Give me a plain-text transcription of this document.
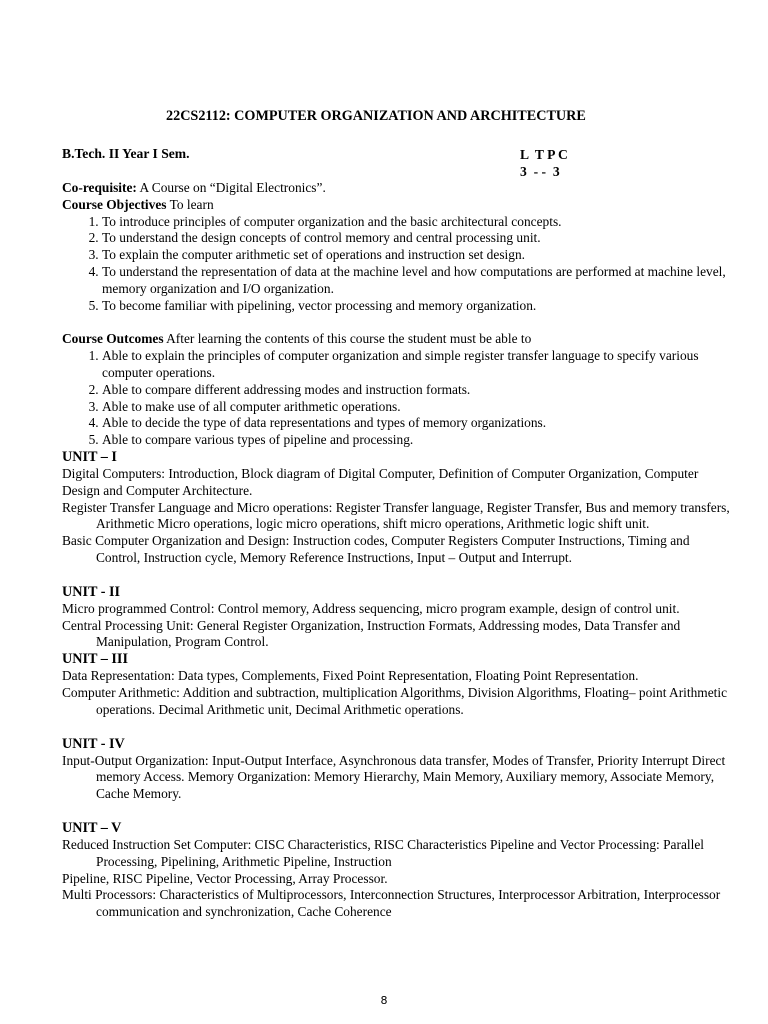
22CS2112: COMPUTER ORGANIZATION AND ARCHITECTURE
B.Tech. II Year I Sem.	L  T P C
3  - -  3
Co-requisite: A Course on “Digital Electronics”.
Course Objectives To learn
1. To introduce principles of computer organization and the basic architectural concepts.
2. To understand the design concepts of control memory and central processing unit.
3. To explain the computer arithmetic set of operations and instruction set design.
4. To understand the representation of data at the machine level and how computations are performed at machine level, memory organization and I/O organization.
5. To become familiar with pipelining, vector processing and memory organization.
Course Outcomes After learning the contents of this course the student must be able to
1. Able to explain the principles of computer organization and simple register transfer language to specify various computer operations.
2. Able to compare different addressing modes and instruction formats.
3. Able to make use of all computer arithmetic operations.
4. Able to decide the type of data representations and types of memory organizations.
5. Able to compare various types of pipeline and processing.
UNIT – I
Digital Computers: Introduction, Block diagram of Digital Computer, Definition of Computer Organization, Computer Design and Computer Architecture.
Register Transfer Language and Micro operations: Register Transfer language, Register Transfer, Bus and memory transfers, Arithmetic Micro operations, logic micro operations, shift micro operations, Arithmetic logic shift unit.
Basic Computer Organization and Design: Instruction codes, Computer Registers Computer Instructions, Timing and Control, Instruction cycle, Memory Reference Instructions, Input – Output and Interrupt.
UNIT - II
Micro programmed Control: Control memory, Address sequencing, micro program example, design of control unit.
Central Processing Unit: General Register Organization, Instruction Formats, Addressing modes, Data Transfer and Manipulation, Program Control.
UNIT – III
Data Representation: Data types, Complements, Fixed Point Representation, Floating Point Representation.
Computer Arithmetic: Addition and subtraction, multiplication Algorithms, Division Algorithms, Floating– point Arithmetic operations. Decimal Arithmetic unit, Decimal Arithmetic operations.
UNIT - IV
Input-Output Organization: Input-Output Interface, Asynchronous data transfer, Modes of Transfer, Priority Interrupt Direct memory Access. Memory Organization: Memory Hierarchy, Main Memory, Auxiliary memory, Associate Memory, Cache Memory.
UNIT – V
Reduced Instruction Set Computer: CISC Characteristics, RISC Characteristics Pipeline and Vector Processing: Parallel Processing, Pipelining, Arithmetic Pipeline, Instruction
Pipeline, RISC Pipeline, Vector Processing, Array Processor.
Multi Processors: Characteristics of Multiprocessors, Interconnection Structures, Interprocessor Arbitration, Interprocessor communication and synchronization, Cache Coherence
8
